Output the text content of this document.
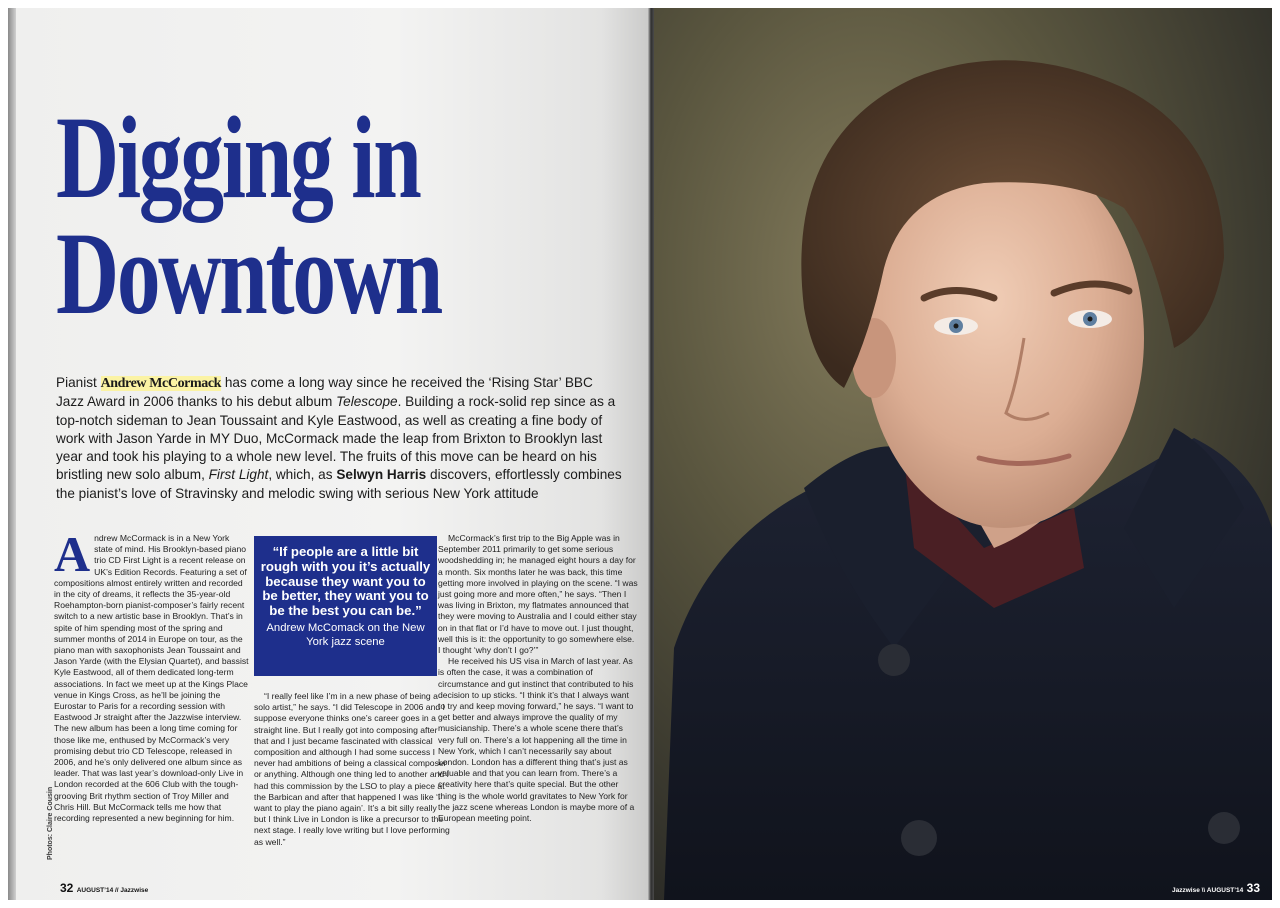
Digging in
Downtown

Pianist Andrew McCormack has come a long way since he received the ‘Rising Star’ BBC Jazz Award in 2006 thanks to his debut album Telescope. Building a rock-solid rep since as a top-notch sideman to Jean Toussaint and Kyle Eastwood, as well as creating a fine body of work with Jason Yarde in MY Duo, McCormack made the leap from Brixton to Brooklyn last year and took his playing to a whole new level. The fruits of this move can be heard on his bristling new solo album, First Light, which, as Selwyn Harris discovers, effortlessly combines the pianist’s love of Stravinsky and melodic swing with serious New York attitude

Andrew McCormack is in a New York state of mind. His Brooklyn-based piano trio CD First Light is a recent release on UK’s Edition Records. Featuring a set of compositions almost entirely written and recorded in the city of dreams, it reflects the 35-year-old Roehampton-born pianist-composer’s fairly recent switch to a new artistic base in Brooklyn. That’s in spite of him spending most of the spring and summer months of 2014 in Europe on tour, as the piano man with saxophonists Jean Toussaint and Jason Yarde (with the Elysian Quartet), and bassist Kyle Eastwood, all of them dedicated long-term associations. In fact we meet up at the Kings Place venue in Kings Cross, as he’ll be joining the Eurostar to Paris for a recording session with Eastwood Jr straight after the Jazzwise interview. The new album has been a long time coming for those like me, enthused by McCormack’s very promising debut trio CD Telescope, released in 2006, and he’s only delivered one album since as leader. That was last year’s download-only Live in London recorded at the 606 Club with the tough-grooving Brit rhythm section of Troy Miller and Chris Hill. But McCormack tells me how that recording represented a new beginning for him.

“If people are a little bit rough with you it’s actually because they want you to be better, they want you to be the best you can be.”
Andrew McComack on the New York jazz scene

“I really feel like I’m in a new phase of being a solo artist,” he says. “I did Telescope in 2006 and I suppose everyone thinks one’s career goes in a straight line. But I really got into composing after that and I just became fascinated with classical composition and although I had some success I never had ambitions of being a classical composer or anything. Although one thing led to another and I had this commission by the LSO to play a piece at the Barbican and after that happened I was like ‘I want to play the piano again’. It’s a bit silly really but I think Live in London is like a precursor to the next stage. I really love writing but I love performing as well.”

McCormack’s first trip to the Big Apple was in September 2011 primarily to get some serious woodshedding in; he managed eight hours a day for a month. Six months later he was back, this time getting more involved in playing on the scene. “I was just going more and more often,” he says. “Then I was living in Brixton, my flatmates announced that they were moving to Australia and I could either stay on in that flat or I’d have to move out. I just thought, well this is it: the opportunity to go somewhere else. I thought ‘why don’t I go?’”

He received his US visa in March of last year. As is often the case, it was a combination of circumstance and gut instinct that contributed to his decision to up sticks. “I think it’s that I always want to try and keep moving forward,” he says. “I want to get better and always improve the quality of my musicianship. There’s a whole scene there that’s very full on. There’s a lot happening all the time in New York, which I can’t necessarily say about London. London has a different thing that’s just as valuable and that you can learn from. There’s a creativity here that’s quite special. But the other thing is the whole world gravitates to New York for the jazz scene whereas London is maybe more of a European meeting point.

Photos: Claire Cousin
32 AUGUST’14 // Jazzwise	Jazzwise \\ AUGUST’14 33
